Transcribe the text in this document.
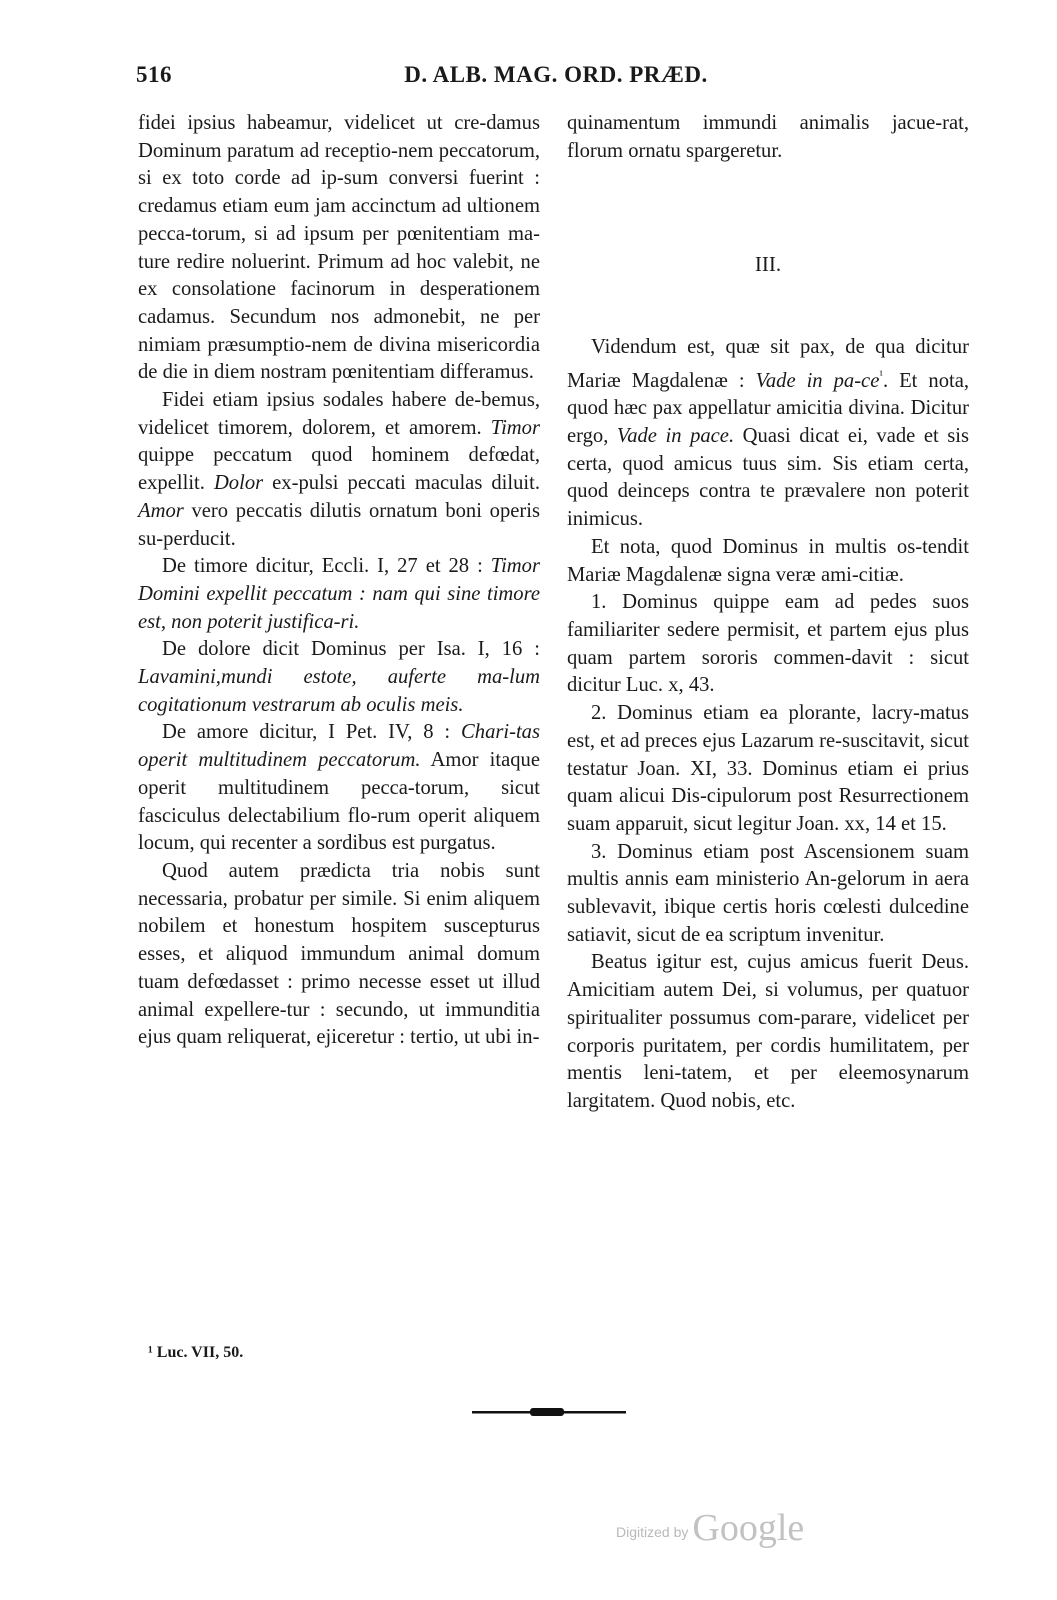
516	D. ALB. MAG. ORD. PRÆD.

fidei ipsius habeamur, videlicet ut cre-damus Dominum paratum ad receptio-nem peccatorum, si ex toto corde ad ip-sum conversi fuerint : credamus etiam eum jam accinctum ad ultionem pecca-torum, si ad ipsum per pœnitentiam ma-ture redire noluerint. Primum ad hoc valebit, ne ex consolatione facinorum in desperationem cadamus. Secundum nos admonebit, ne per nimiam præsumptio-nem de divina misericordia de die in diem nostram pœnitentiam differamus.

Fidei etiam ipsius sodales habere de-bemus, videlicet timorem, dolorem, et amorem. Timor quippe peccatum quod hominem defœdat, expellit. Dolor ex-pulsi peccati maculas diluit. Amor vero peccatis dilutis ornatum boni operis su-perducit.

De timore dicitur, Eccli. I, 27 et 28 : Timor Domini expellit peccatum : nam qui sine timore est, non poterit justifica-ri.

De dolore dicit Dominus per Isa. I, 16 : Lavamini,mundi estote, auferte ma-lum cogitationum vestrarum ab oculis meis.

De amore dicitur, I Pet. IV, 8 : Chari-tas operit multitudinem peccatorum. Amor itaque operit multitudinem pecca-torum, sicut fasciculus delectabilium flo-rum operit aliquem locum, qui recenter a sordibus est purgatus.

Quod autem prædicta tria nobis sunt necessaria, probatur per simile. Si enim aliquem nobilem et honestum hospitem suscepturus esses, et aliquod immundum animal domum tuam defœdasset : primo necesse esset ut illud animal expellere-tur : secundo, ut immunditia ejus quam reliquerat, ejiceretur : tertio, ut ubi in-

quinamentum immundi animalis jacue-rat, florum ornatu spargeretur.

III.

Videndum est, quæ sit pax, de qua dicitur Mariæ Magdalenæ : Vade in $pa-ce^{^1}$. Et nota, quod hæc pax appellatur amicitia divina. Dicitur ergo, Vade in pace. Quasi dicat ei, vade et sis certa, quod amicus tuus sim. Sis etiam certa, quod deinceps contra te prævalere non poterit inimicus.

Et nota, quod Dominus in multis os-tendit Mariæ Magdalenæ signa veræ ami-citiæ.

1. Dominus quippe eam ad pedes suos familiariter sedere permisit, et partem ejus plus quam partem sororis commen-davit : sicut dicitur Luc. x, 43.

2. Dominus etiam ea plorante, lacry-matus est, et ad preces ejus Lazarum re-suscitavit, sicut testatur Joan. XI, 33. Dominus etiam ei prius quam alicui Dis-cipulorum post Resurrectionem suam apparuit, sicut legitur Joan. xx, 14 et 15.

3. Dominus etiam post Ascensionem suam multis annis eam ministerio An-gelorum in aera sublevavit, ibique certis horis cœlesti dulcedine satiavit, sicut de ea scriptum invenitur.

Beatus igitur est, cujus amicus fuerit Deus. Amicitiam autem Dei, si volumus, per quatuor spiritualiter possumus com-parare, videlicet per corporis puritatem, per cordis humilitatem, per mentis leni-tatem, et per eleemosynarum largitatem. Quod nobis, etc.

¹ Luc. VII, 50.
Digitized by Google
